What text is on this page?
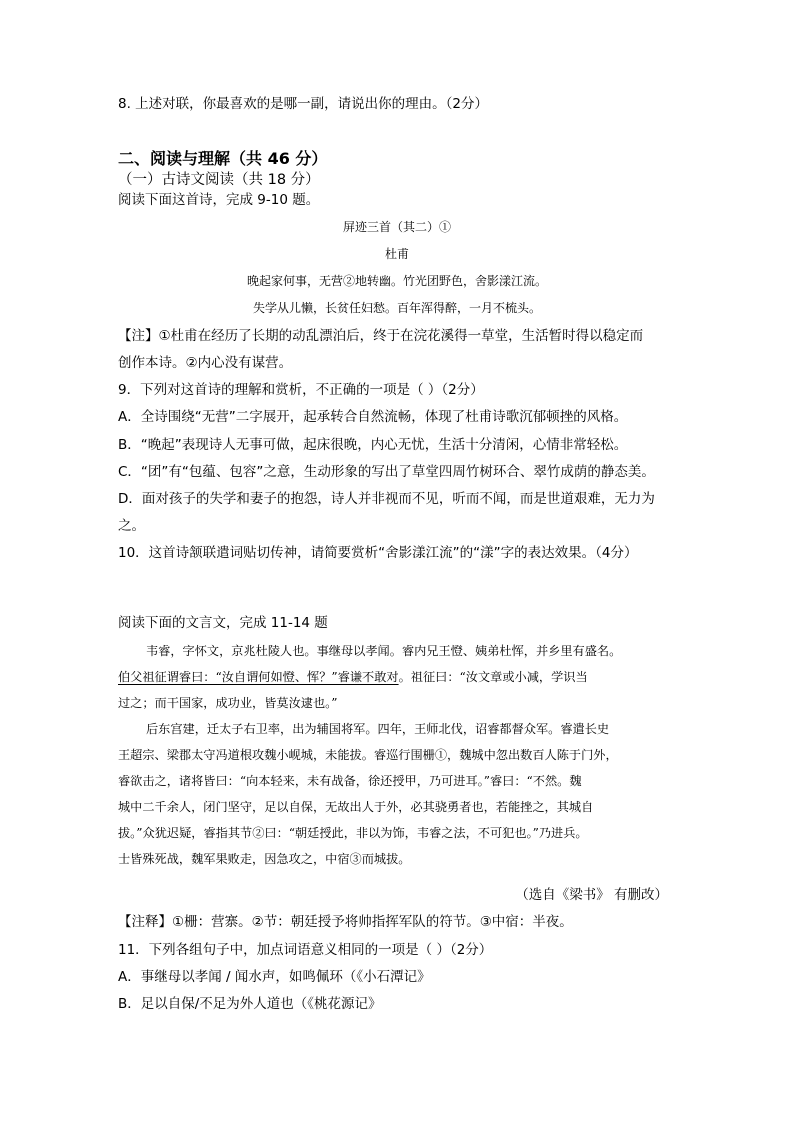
8. 上述对联，你最喜欢的是哪一副，请说出你的理由。（2分）
二、阅读与理解（共 46 分）
（一）古诗文阅读（共 18 分）
阅读下面这首诗，完成 9-10 题。
屏迹三首（其二）①
杜甫
晚起家何事，无营②地转幽。竹光团野色，舍影漾江流。
失学从儿懒，长贫任妇愁。百年浑得醉，一月不梳头。
【注】①杜甫在经历了长期的动乱漂泊后，终于在浣花溪得一草堂，生活暂时得以稳定而
创作本诗。②内心没有谋营。
9．下列对这首诗的理解和赏析，不正确的一项是（ ）（2分）
A．全诗围绕“无营”二字展开，起承转合自然流畅，体现了杜甫诗歌沉郁顿挫的风格。
B．“晚起”表现诗人无事可做，起床很晚，内心无忧，生活十分清闲，心情非常轻松。
C．“团”有“包蕴、包容”之意，生动形象的写出了草堂四周竹树环合、翠竹成荫的静态美。
D．面对孩子的失学和妻子的抱怨，诗人并非视而不见，听而不闻，而是世道艰难，无力为
之。
10．这首诗颔联遣词贴切传神，请简要赏析“舍影漾江流”的“漾”字的表达效果。（4分）
阅读下面的文言文，完成 11-14 题
韦睿，字怀文，京兆杜陵人也。事继母以孝闻。睿内兄王憕、姨弟杜恽，并乡里有盛名。
伯父祖征谓睿曰：“汝自谓何如憕、恽？”睿谦不敢对。祖征曰：“汝文章或小减，学识当
过之；而干国家，成功业，皆莫汝逮也。”
后东宫建，迁太子右卫率，出为辅国将军。四年，王师北伐，诏睿都督众军。睿遣长史
王超宗、梁郡太守冯道根攻魏小岘城，未能拔。睿巡行围栅①，魏城中忽出数百人陈于门外，
睿欲击之，诸将皆曰：“向本轻来，未有战备，徐还授甲，乃可进耳。”睿曰：“不然。魏
城中二千余人，闭门坚守，足以自保，无故出人于外，必其骁勇者也，若能挫之，其城自
拔。”众犹迟疑，睿指其节②曰：“朝廷授此，非以为饰，韦睿之法，不可犯也。”乃进兵。
士皆殊死战，魏军果败走，因急攻之，中宿③而城拔。
（选自《梁书》 有删改）
【注释】①栅：营寨。②节：朝廷授予将帅指挥军队的符节。③中宿：半夜。
11．下列各组句子中，加点词语意义相同的一项是（ ）（2分）
A．事继母以孝闻 / 闻水声，如鸣佩环（《小石潭记》
B．足以自保/不足为外人道也（《桃花源记》
